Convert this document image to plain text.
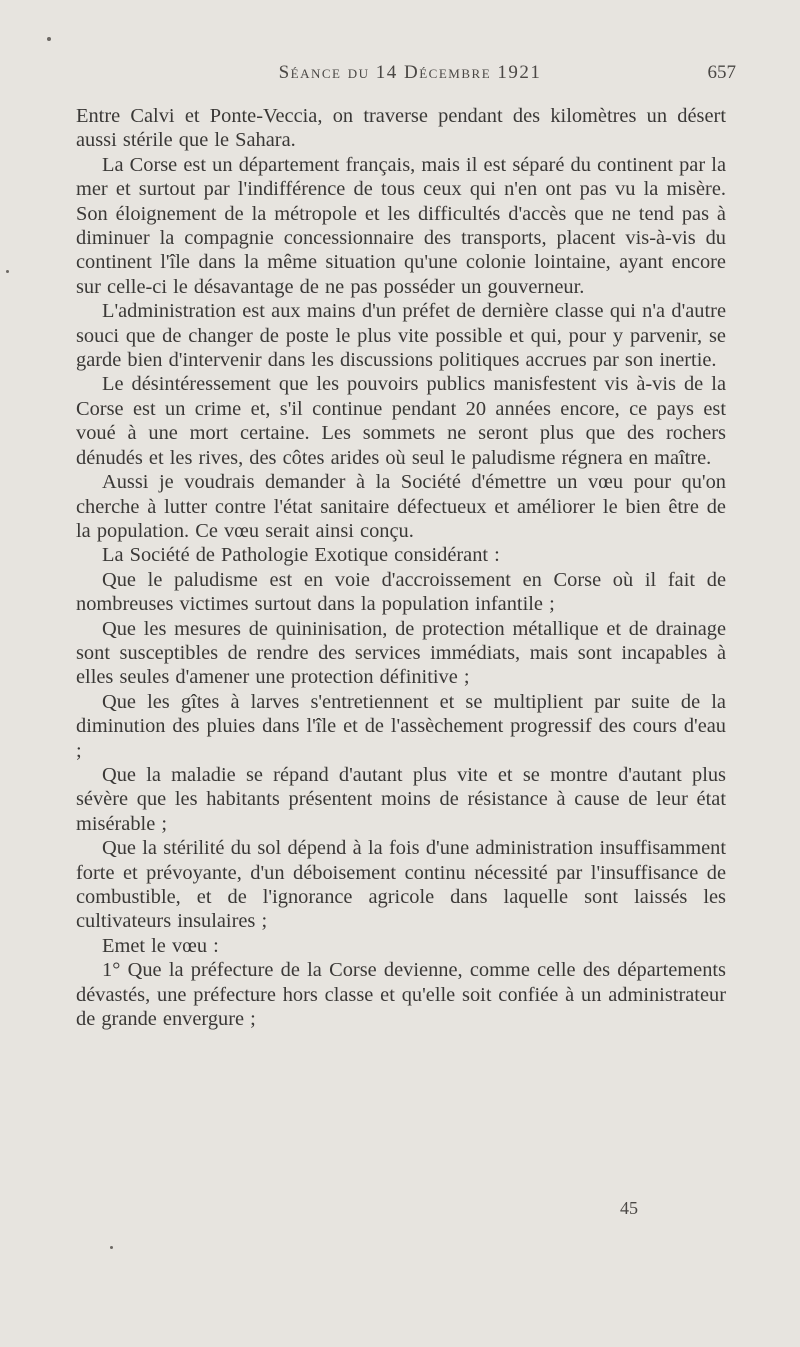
Séance du 14 Décembre 1921	657

Entre Calvi et Ponte-Veccia, on traverse pendant des kilomètres un désert aussi stérile que le Sahara.

La Corse est un département français, mais il est séparé du continent par la mer et surtout par l'indifférence de tous ceux qui n'en ont pas vu la misère. Son éloignement de la métropole et les difficultés d'accès que ne tend pas à diminuer la compagnie concessionnaire des transports, placent vis-à-vis du continent l'île dans la même situation qu'une colonie lointaine, ayant encore sur celle-ci le désavantage de ne pas posséder un gouverneur.

L'administration est aux mains d'un préfet de dernière classe qui n'a d'autre souci que de changer de poste le plus vite possible et qui, pour y parvenir, se garde bien d'intervenir dans les discussions politiques accrues par son inertie.

Le désintéressement que les pouvoirs publics manisfestent vis à-vis de la Corse est un crime et, s'il continue pendant 20 années encore, ce pays est voué à une mort certaine. Les sommets ne seront plus que des rochers dénudés et les rives, des côtes arides où seul le paludisme régnera en maître.

Aussi je voudrais demander à la Société d'émettre un vœu pour qu'on cherche à lutter contre l'état sanitaire défectueux et améliorer le bien être de la population. Ce vœu serait ainsi conçu.

La Société de Pathologie Exotique considérant :

Que le paludisme est en voie d'accroissement en Corse où il fait de nombreuses victimes surtout dans la population infantile ;

Que les mesures de quininisation, de protection métallique et de drainage sont susceptibles de rendre des services immédiats, mais sont incapables à elles seules d'amener une protection définitive ;

Que les gîtes à larves s'entretiennent et se multiplient par suite de la diminution des pluies dans l'île et de l'assèchement progressif des cours d'eau ;

Que la maladie se répand d'autant plus vite et se montre d'autant plus sévère que les habitants présentent moins de résistance à cause de leur état misérable ;

Que la stérilité du sol dépend à la fois d'une administration insuffisamment forte et prévoyante, d'un déboisement continu nécessité par l'insuffisance de combustible, et de l'ignorance agricole dans laquelle sont laissés les cultivateurs insulaires ;

Emet le vœu :

1° Que la préfecture de la Corse devienne, comme celle des départements dévastés, une préfecture hors classe et qu'elle soit confiée à un administrateur de grande envergure ;

45
